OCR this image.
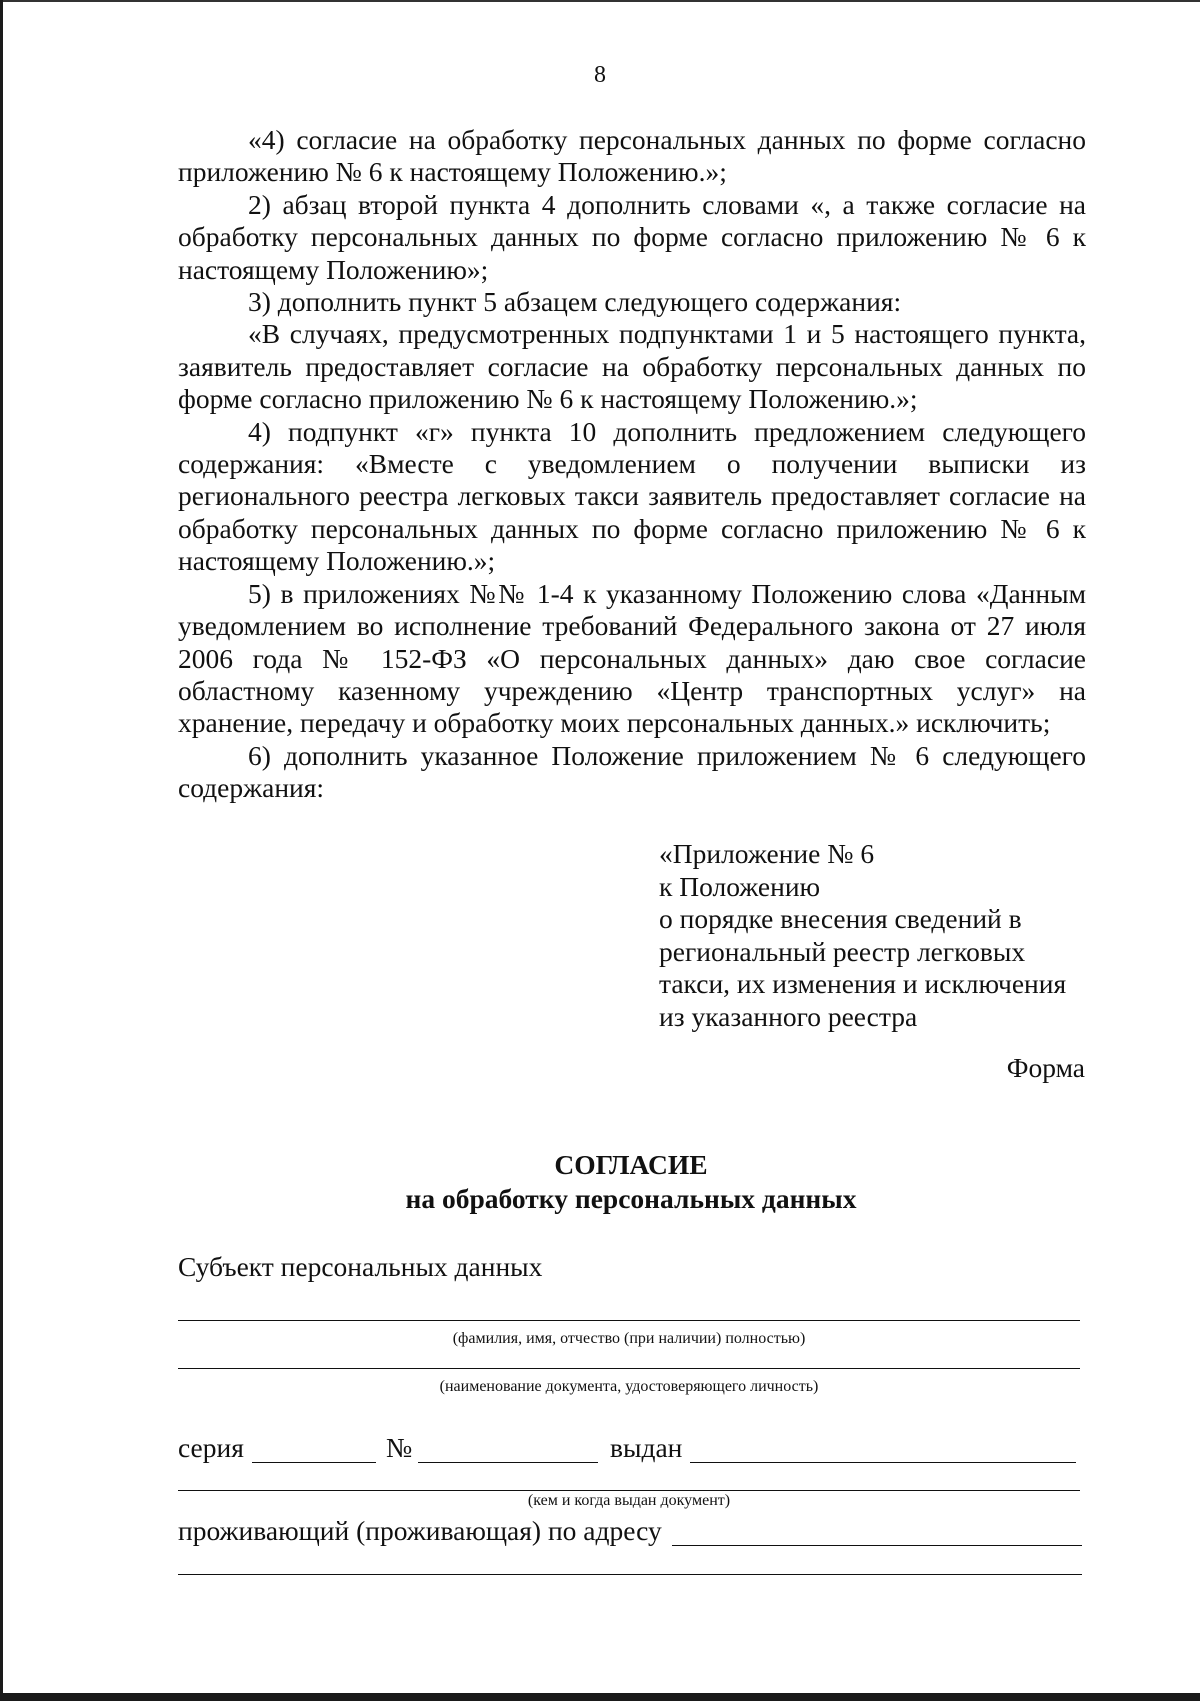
8

«4) согласие на обработку персональных данных по форме согласно приложению № 6 к настоящему Положению.»;

2) абзац второй пункта 4 дополнить словами «, а также согласие на обработку персональных данных по форме согласно приложению № 6 к настоящему Положению»;

3) дополнить пункт 5 абзацем следующего содержания:

«В случаях, предусмотренных подпунктами 1 и 5 настоящего пункта, заявитель предоставляет согласие на обработку персональных данных по форме согласно приложению № 6 к настоящему Положению.»;

4) подпункт «г» пункта 10 дополнить предложением следующего содержания: «Вместе с уведомлением о получении выписки из регионального реестра легковых такси заявитель предоставляет согласие на обработку персональных данных по форме согласно приложению № 6 к настоящему Положению.»;

5) в приложениях №№ 1-4 к указанному Положению слова «Данным уведомлением во исполнение требований Федерального закона от 27 июля 2006 года № 152-ФЗ «О персональных данных» даю свое согласие областному казенному учреждению «Центр транспортных услуг» на хранение, передачу и обработку моих персональных данных.» исключить;

6) дополнить указанное Положение приложением № 6 следующего содержания:

«Приложение № 6
к Положению
о порядке внесения сведений в
региональный реестр легковых
такси, их изменения и исключения
из указанного реестра
Форма
СОГЛАСИЕ
на обработку персональных данных
Субъект персональных данных
(фамилия, имя, отчество (при наличии) полностью)
(наименование документа, удостоверяющего личность)
серия	№	выдан
(кем и когда выдан документ)
проживающий (проживающая) по адресу
